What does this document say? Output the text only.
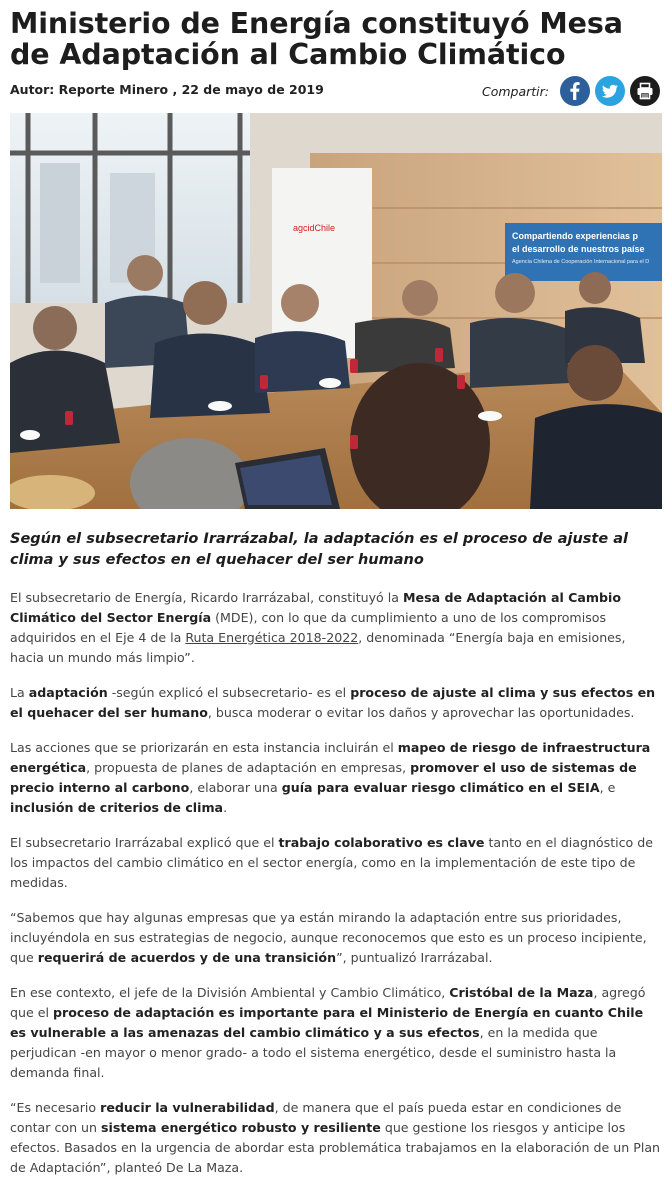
Ministerio de Energía constituyó Mesa de Adaptación al Cambio Climático
Autor: Reporte Minero , 22 de mayo de 2019	Compartir:
agcidChile
Compartiendo experiencias p
el desarrollo de nuestros paíse
Agencia Chilena de Cooperación Internacional para el D
Según el subsecretario Irarrázabal, la adaptación es el proceso de ajuste al clima y sus efectos en el quehacer del ser humano

El subsecretario de Energía, Ricardo Irarrázabal, constituyó la Mesa de Adaptación al Cambio Climático del Sector Energía (MDE), con lo que da cumplimiento a uno de los compromisos adquiridos en el Eje 4 de la Ruta Energética 2018-2022, denominada “Energía baja en emisiones, hacia un mundo más limpio”.

La adaptación -según explicó el subsecretario- es el proceso de ajuste al clima y sus efectos en el quehacer del ser humano, busca moderar o evitar los daños y aprovechar las oportunidades.

Las acciones que se priorizarán en esta instancia incluirán el mapeo de riesgo de infraestructura energética, propuesta de planes de adaptación en empresas, promover el uso de sistemas de precio interno al carbono, elaborar una guía para evaluar riesgo climático en el SEIA, e inclusión de criterios de clima.

El subsecretario Irarrázabal explicó que el trabajo colaborativo es clave tanto en el diagnóstico de los impactos del cambio climático en el sector energía, como en la implementación de este tipo de medidas.

“Sabemos que hay algunas empresas que ya están mirando la adaptación entre sus prioridades, incluyéndola en sus estrategias de negocio, aunque reconocemos que esto es un proceso incipiente, que requerirá de acuerdos y de una transición”, puntualizó Irarrázabal.

En ese contexto, el jefe de la División Ambiental y Cambio Climático, Cristóbal de la Maza, agregó que el proceso de adaptación es importante para el Ministerio de Energía en cuanto Chile es vulnerable a las amenazas del cambio climático y a sus efectos, en la medida que perjudican -en mayor o menor grado- a todo el sistema energético, desde el suministro hasta la demanda final.

“Es necesario reducir la vulnerabilidad, de manera que el país pueda estar en condiciones de contar con un sistema energético robusto y resiliente que gestione los riesgos y anticipe los efectos. Basados en la urgencia de abordar esta problemática trabajamos en la elaboración de un Plan de Adaptación”, planteó De La Maza.
